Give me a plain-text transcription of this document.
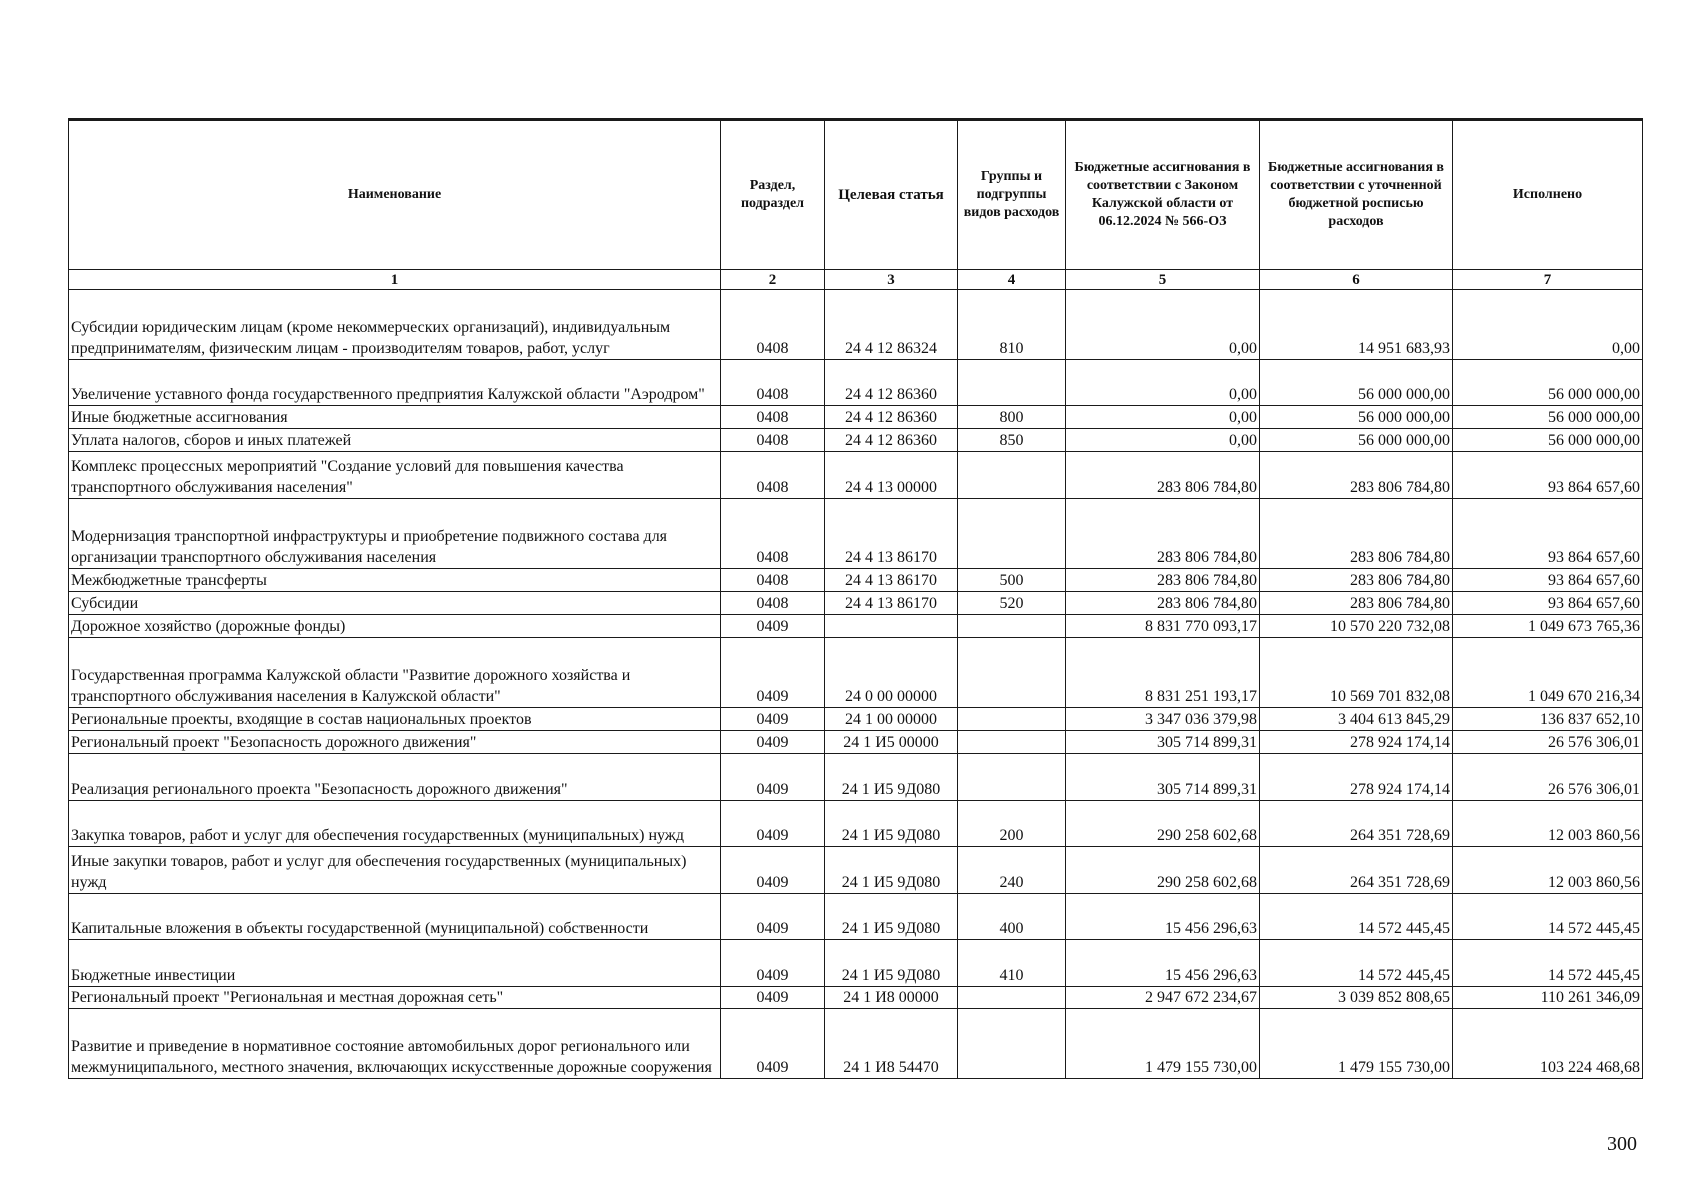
Наименование	Раздел, подраздел	Целевая статья	Группы и подгруппы видов расходов	Бюджетные ассигнования в соответствии с Законом Калужской области от 06.12.2024 № 566-ОЗ	Бюджетные ассигнования в соответствии с уточненной бюджетной росписью расходов	Исполнено
1	2	3	4	5	6	7
Субсидии юридическим лицам (кроме некоммерческих организаций), индивидуальным предпринимателям, физическим лицам - производителям товаров, работ, услуг	0408	24 4 12 86324	810	0,00	14 951 683,93	0,00
Увеличение уставного фонда государственного предприятия Калужской области "Аэродром"	0408	24 4 12 86360		0,00	56 000 000,00	56 000 000,00
Иные бюджетные ассигнования	0408	24 4 12 86360	800	0,00	56 000 000,00	56 000 000,00
Уплата налогов, сборов и иных платежей	0408	24 4 12 86360	850	0,00	56 000 000,00	56 000 000,00
Комплекс процессных мероприятий "Создание условий для повышения качества транспортного обслуживания населения"	0408	24 4 13 00000		283 806 784,80	283 806 784,80	93 864 657,60
Модернизация транспортной инфраструктуры и приобретение подвижного состава для организации транспортного обслуживания населения	0408	24 4 13 86170		283 806 784,80	283 806 784,80	93 864 657,60
Межбюджетные трансферты	0408	24 4 13 86170	500	283 806 784,80	283 806 784,80	93 864 657,60
Субсидии	0408	24 4 13 86170	520	283 806 784,80	283 806 784,80	93 864 657,60
Дорожное хозяйство (дорожные фонды)	0409			8 831 770 093,17	10 570 220 732,08	1 049 673 765,36
Государственная программа Калужской области "Развитие дорожного хозяйства и транспортного обслуживания населения в Калужской области"	0409	24 0 00 00000		8 831 251 193,17	10 569 701 832,08	1 049 670 216,34
Региональные проекты, входящие в состав национальных проектов	0409	24 1 00 00000		3 347 036 379,98	3 404 613 845,29	136 837 652,10
Региональный проект "Безопасность дорожного движения"	0409	24 1 И5 00000		305 714 899,31	278 924 174,14	26 576 306,01
Реализация регионального проекта "Безопасность дорожного движения"	0409	24 1 И5 9Д080		305 714 899,31	278 924 174,14	26 576 306,01
Закупка товаров, работ и услуг для обеспечения государственных (муниципальных) нужд	0409	24 1 И5 9Д080	200	290 258 602,68	264 351 728,69	12 003 860,56
Иные закупки товаров, работ и услуг для обеспечения государственных (муниципальных) нужд	0409	24 1 И5 9Д080	240	290 258 602,68	264 351 728,69	12 003 860,56
Капитальные вложения в объекты государственной (муниципальной) собственности	0409	24 1 И5 9Д080	400	15 456 296,63	14 572 445,45	14 572 445,45
Бюджетные инвестиции	0409	24 1 И5 9Д080	410	15 456 296,63	14 572 445,45	14 572 445,45
Региональный проект "Региональная и местная дорожная сеть"	0409	24 1 И8 00000		2 947 672 234,67	3 039 852 808,65	110 261 346,09
Развитие и приведение в нормативное состояние автомобильных дорог регионального или межмуниципального, местного значения, включающих искусственные дорожные сооружения	0409	24 1 И8 54470		1 479 155 730,00	1 479 155 730,00	103 224 468,68
300
